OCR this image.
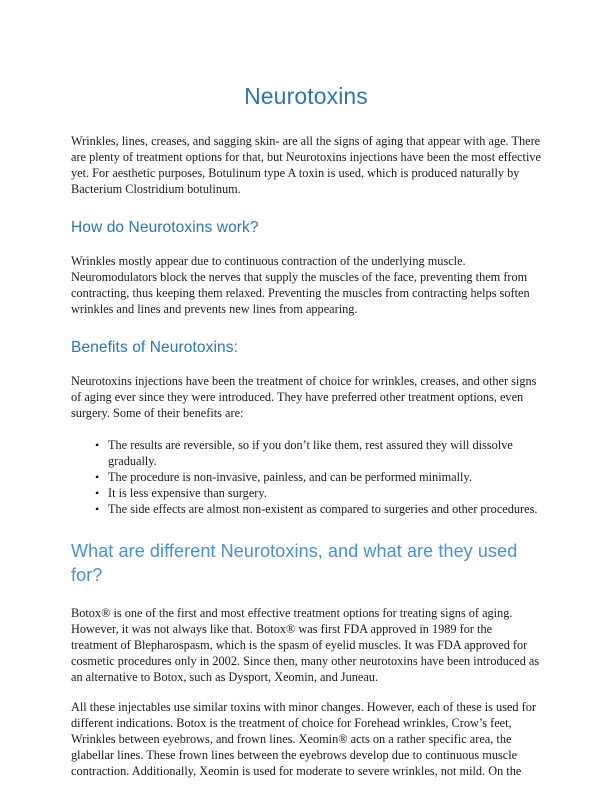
Neurotoxins

Wrinkles, lines, creases, and sagging skin- are all the signs of aging that appear with age. There are plenty of treatment options for that, but Neurotoxins injections have been the most effective yet. For aesthetic purposes, Botulinum type A toxin is used, which is produced naturally by Bacterium Clostridium botulinum.

How do Neurotoxins work?

Wrinkles mostly appear due to continuous contraction of the underlying muscle. Neuromodulators block the nerves that supply the muscles of the face, preventing them from contracting, thus keeping them relaxed. Preventing the muscles from contracting helps soften wrinkles and lines and prevents new lines from appearing.

Benefits of Neurotoxins:

Neurotoxins injections have been the treatment of choice for wrinkles, creases, and other signs of aging ever since they were introduced. They have preferred other treatment options, even surgery. Some of their benefits are:

• The results are reversible, so if you don’t like them, rest assured they will dissolve gradually.
• The procedure is non-invasive, painless, and can be performed minimally.
• It is less expensive than surgery.
• The side effects are almost non-existent as compared to surgeries and other procedures.
What are different Neurotoxins, and what are they used for?

Botox® is one of the first and most effective treatment options for treating signs of aging. However, it was not always like that. Botox® was first FDA approved in 1989 for the treatment of Blepharospasm, which is the spasm of eyelid muscles. It was FDA approved for cosmetic procedures only in 2002. Since then, many other neurotoxins have been introduced as an alternative to Botox, such as Dysport, Xeomin, and Juneau.

All these injectables use similar toxins with minor changes. However, each of these is used for different indications. Botox is the treatment of choice for Forehead wrinkles, Crow’s feet, Wrinkles between eyebrows, and frown lines. Xeomin® acts on a rather specific area, the glabellar lines. These frown lines between the eyebrows develop due to continuous muscle contraction. Additionally, Xeomin is used for moderate to severe wrinkles, not mild. On the
